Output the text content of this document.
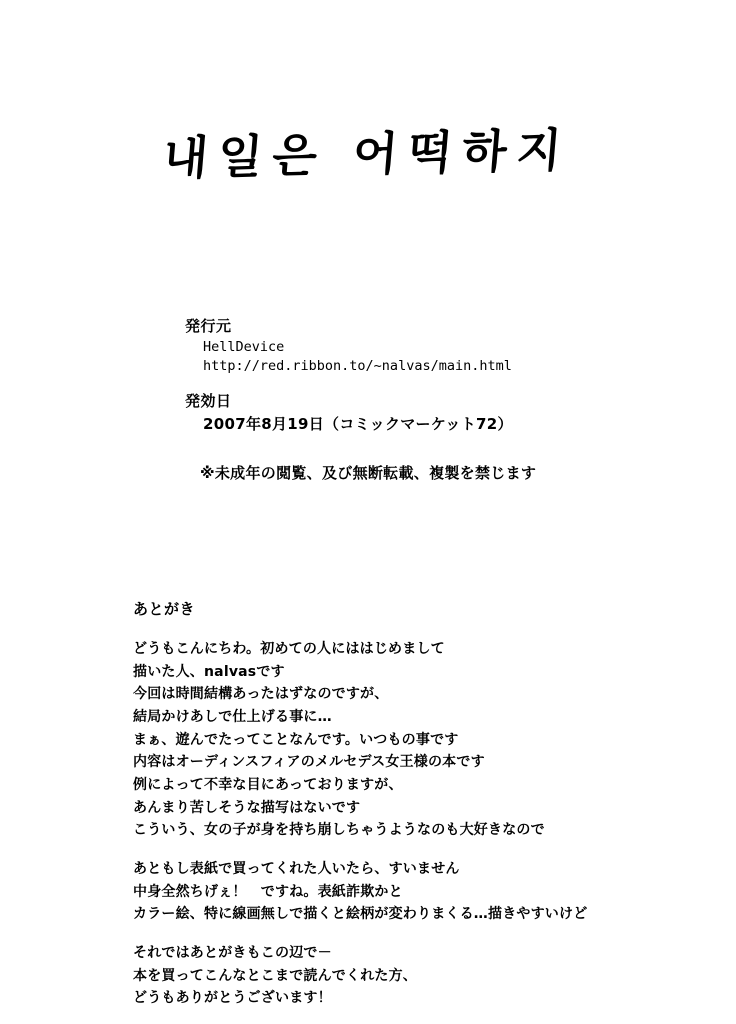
내일은 어떡하지
発行元
HellDevice
http://red.ribbon.to/~nalvas/main.html
発効日
2007年8月19日（コミックマーケット72）
※未成年の閲覧、及び無断転載、複製を禁じます
あとがき
どうもこんにちわ。初めての人にははじめまして
描いた人、nalvasです
今回は時間結構あったはずなのですが、
結局かけあしで仕上げる事に…
まぁ、遊んでたってことなんです。いつもの事です
内容はオーディンスフィアのメルセデス女王様の本です
例によって不幸な目にあっておりますが、
あんまり苦しそうな描写はないです
こういう、女の子が身を持ち崩しちゃうようなのも大好きなので
あともし表紙で買ってくれた人いたら、すいません
中身全然ちげぇ！　ですね。表紙詐欺かと
カラー絵、特に線画無しで描くと絵柄が変わりまくる…描きやすいけど
それではあとがきもこの辺で－
本を買ってこんなとこまで読んでくれた方、
どうもありがとうございます！
